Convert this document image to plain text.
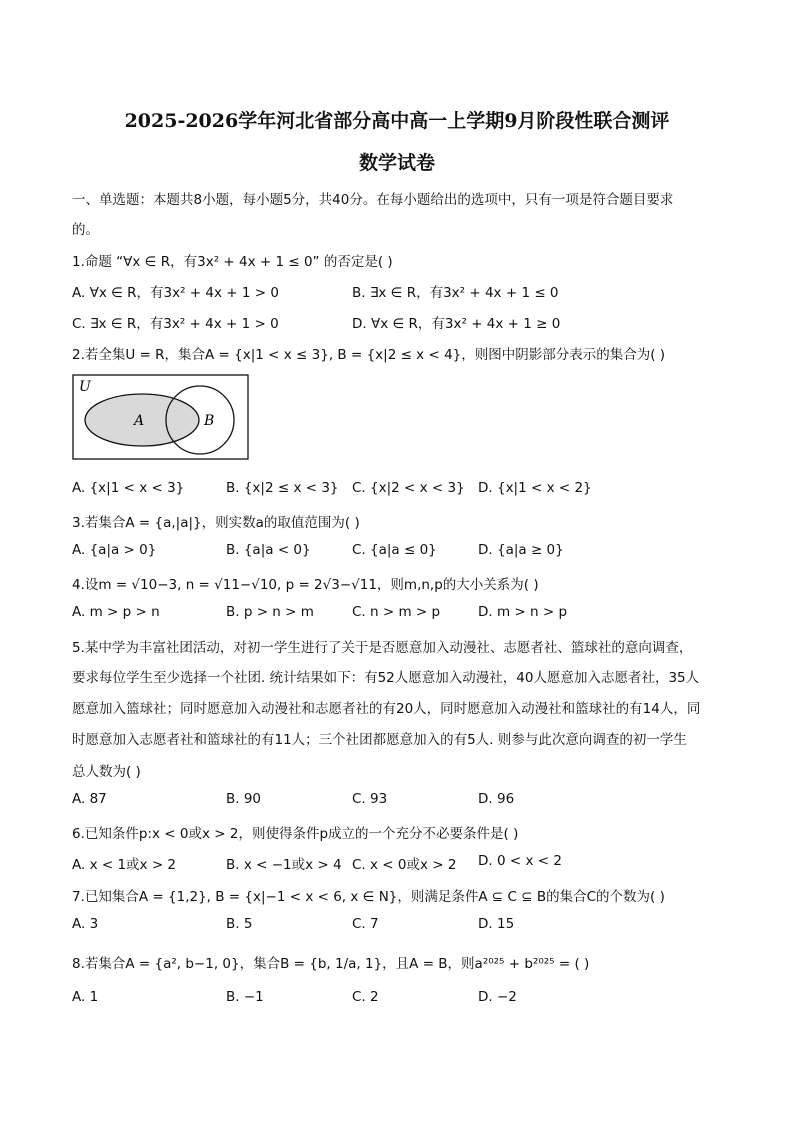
2025-2026学年河北省部分高中高一上学期9月阶段性联合测评
数学试卷
一、单选题：本题共8小题，每小题5分，共40分。在每小题给出的选项中，只有一项是符合题目要求
的。
1.命题 “∀x ∈ R，有3x² + 4x + 1 ≤ 0” 的否定是( )
A. ∀x ∈ R，有3x² + 4x + 1 > 0	B. ∃x ∈ R，有3x² + 4x + 1 ≤ 0
C. ∃x ∈ R，有3x² + 4x + 1 > 0	D. ∀x ∈ R，有3x² + 4x + 1 ≥ 0
2.若全集U = R，集合A = {x|1 < x ≤ 3}, B = {x|2 ≤ x < 4}，则图中阴影部分表示的集合为( )
U
A	B
A. {x|1 < x < 3}	B. {x|2 ≤ x < 3} C. {x|2 < x < 3} D. {x|1 < x < 2}
3.若集合A = {a,|a|}，则实数a的取值范围为( )
A. {a|a > 0}	B. {a|a < 0}	C. {a|a ≤ 0}	D. {a|a ≥ 0}
4.设m = √10−3, n = √11−√10, p = 2√3−√11，则m,n,p的大小关系为( )
A. m > p > n	B. p > n > m	C. n > m > p	D. m > n > p
5.某中学为丰富社团活动，对初一学生进行了关于是否愿意加入动漫社、志愿者社、篮球社的意向调查，
要求每位学生至少选择一个社团. 统计结果如下：有52人愿意加入动漫社，40人愿意加入志愿者社，35人
愿意加入篮球社；同时愿意加入动漫社和志愿者社的有20人，同时愿意加入动漫社和篮球社的有14人，同
时愿意加入志愿者社和篮球社的有11人；三个社团都愿意加入的有5人. 则参与此次意向调查的初一学生
总人数为( )
A. 87	B. 90	C. 93	D. 96
6.已知条件p:x < 0或x > 2，则使得条件p成立的一个充分不必要条件是( )
A. x < 1或x > 2	B. x < −1或x > 4 C. x < 0或x > 2 D. 0 < x < 2
7.已知集合A = {1,2}, B = {x|−1 < x < 6, x ∈ N}，则满足条件A ⊆ C ⊆ B的集合C的个数为( )
A. 3	B. 5	C. 7	D. 15
8.若集合A = {a², b−1, 0}，集合B = {b, 1/a, 1}，且A = B，则a²⁰²⁵ + b²⁰²⁵ = ( )
A. 1	B. −1	C. 2	D. −2
